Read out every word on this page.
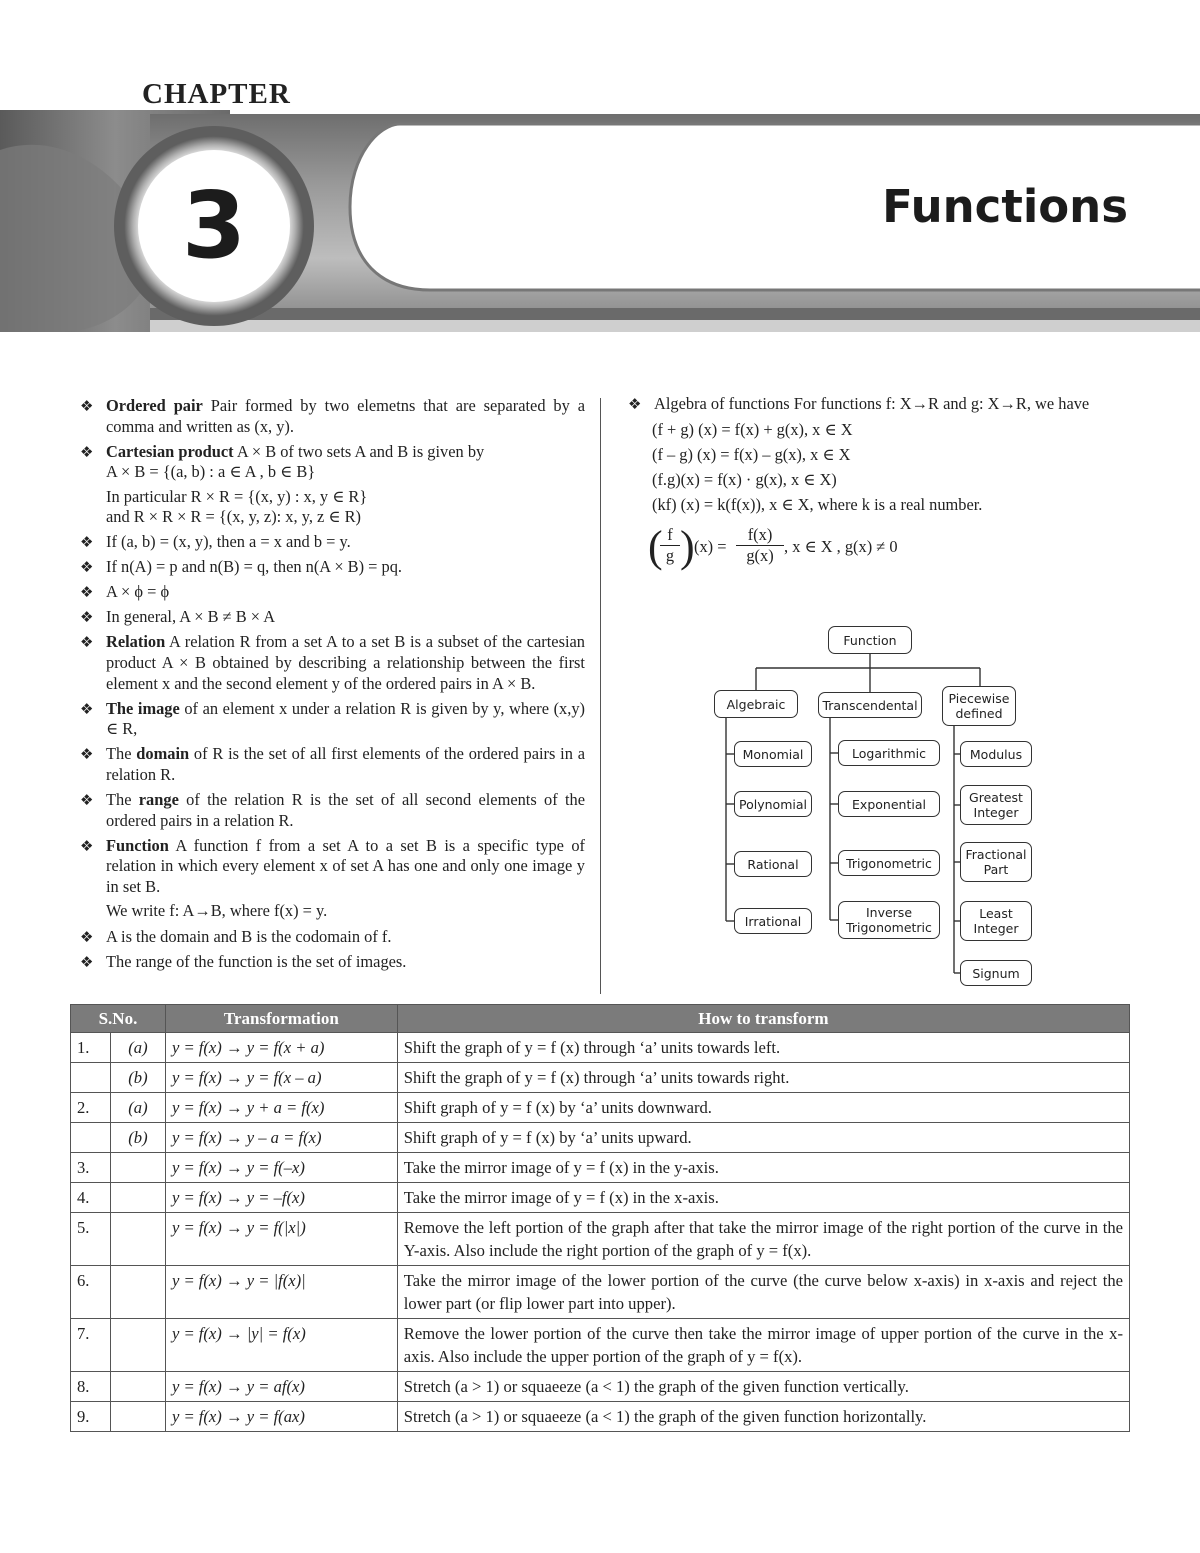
CHAPTER
3	Functions
❖ Ordered pair Pair formed by two elemetns that are separated by a comma and written as (x, y).
❖ Cartesian product A × B of two sets A and B is given by
A × B = {(a, b) : a ∈ A , b ∈ B}
In particular R × R = {(x, y) : x, y ∈ R}
and R × R × R = {(x, y, z): x, y, z ∈ R)
❖ If (a, b) = (x, y), then a = x and b = y.
❖ If n(A) = p and n(B) = q, then n(A × B) = pq.
❖ A × ϕ = ϕ
❖ In general, A × B ≠ B × A
❖ Relation A relation R from a set A to a set B is a subset of the cartesian product A × B obtained by describing a relationship between the first element x and the second element y of the ordered pairs in A × B.
❖ The image of an element x under a relation R is given by y, where (x,y) ∈ R,
❖ The domain of R is the set of all first elements of the ordered pairs in a relation R.
❖ The range of the relation R is the set of all second elements of the ordered pairs in a relation R.
❖ Function A function f from a set A to a set B is a specific type of relation in which every element x of set A has one and only one image y in set B.
We write f: A→B, where f(x) = y.
❖ A is the domain and B is the codomain of f.
❖ The range of the function is the set of images.
❖ Algebra of functions For functions f: X→R and g: X→R, we have
(f + g) (x) = f(x) + g(x), x ∈ X
(f – g) (x) = f(x) – g(x), x ∈ X
(f.g)(x) = f(x) · g(x), x ∈ X)
(kf) (x) = k(f(x)), x ∈ X, where k is a real number.
(
$\frac{f}{g}$ ) $(x) = \frac{f(x)}{g(x)}$ , x ∈ X , g(x) ≠ 0
Function
Algebraic	Transcendental	Piecewise
defined
Monomial
Polynomial
Rational
Irrational
Logarithmic
Exponential
Trigonometric
Inverse
Trigonometric
Modulus
Greatest
Integer
Fractional
Part
Least
Integer
Signum
S.No.		Transformation	How to transform
1.	(a)	y = f(x) → y = f(x + a)	Shift the graph of y = f (x) through ‘a’ units towards left.
	(b)	y = f(x) → y = f(x – a)	Shift the graph of y = f (x) through ‘a’ units towards right.
2.	(a)	y = f(x) → y + a = f(x)	Shift graph of y = f (x) by ‘a’ units downward.
	(b)	y = f(x) → y – a = f(x)	Shift graph of y = f (x) by ‘a’ units upward.
3.		y = f(x) → y = f(–x)	Take the mirror image of y = f (x) in the y-axis.
4.		y = f(x) → y = –f(x)	Take the mirror image of y = f (x) in the x-axis.
5.		y = f(x) → y = f(|x|)	Remove the left portion of the graph after that take the mirror image of the right portion of the curve in the Y-axis. Also include the right portion of the graph of y = f(x).
6.		y = f(x) → y = |f(x)|	Take the mirror image of the lower portion of the curve (the curve below x-axis) in x-axis and reject the lower part (or flip lower part into upper).
7.		y = f(x) → |y| = f(x)	Remove the lower portion of the curve then take the mirror image of upper portion of the curve in the x-axis. Also include the upper portion of the graph of y = f(x).
8.		y = f(x) → y = af(x)	Stretch (a > 1) or squaeeze (a < 1) the graph of the given function vertically.
9.		y = f(x) → y = f(ax)	Stretch (a > 1) or squaeeze (a < 1) the graph of the given function horizontally.
